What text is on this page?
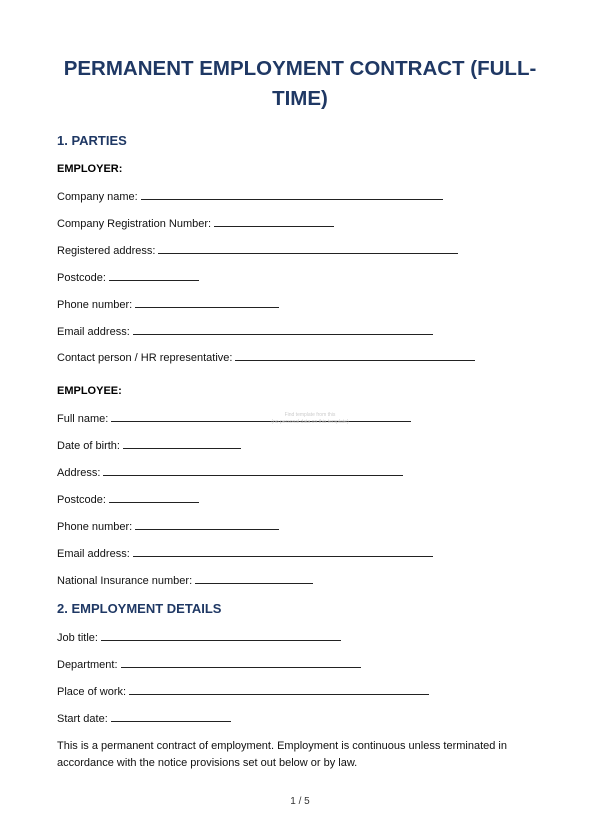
PERMANENT EMPLOYMENT CONTRACT (FULL-
TIME)
1. PARTIES
EMPLOYER:
Company name:
Company Registration Number:
Registered address:
Postcode:
Phone number:
Email address:
Contact person / HR representative:
EMPLOYEE:
Full name:
Date of birth:
Address:
Postcode:
Phone number:
Email address:
National Insurance number:
2. EMPLOYMENT DETAILS
Job title:
Department:
Place of work:
Start date:
This is a permanent contract of employment. Employment is continuous unless terminated in accordance with the notice provisions set out below or by law.
Find template from this
(no personal data on this template)
1 / 5
